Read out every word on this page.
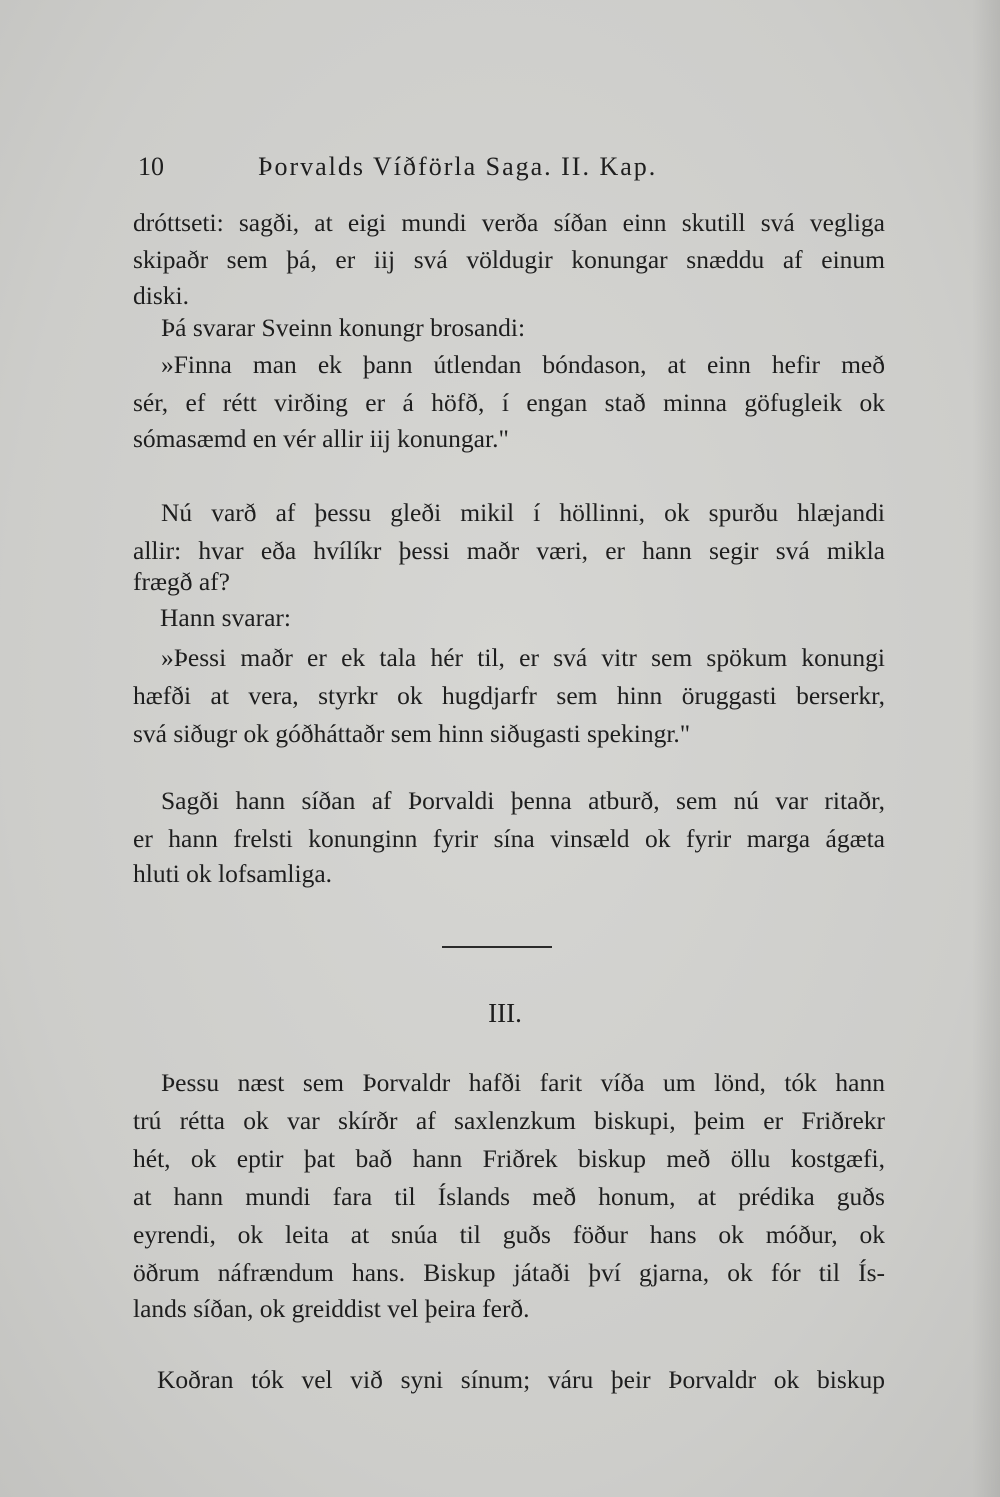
10	Þorvalds Víðförla Saga. II. Kap.
dróttseti: sagði, at eigi mundi verða síðan einn skutill svá vegliga
skipaðr sem þá, er iij svá völdugir konungar snæddu af einum
diski.
Þá svarar Sveinn konungr brosandi:
»Finna man ek þann útlendan bóndason, at einn hefir með
sér, ef rétt virðing er á höfð, í engan stað minna göfugleik ok
sómasæmd en vér allir iij konungar."
Nú varð af þessu gleði mikil í höllinni, ok spurðu hlæjandi
allir: hvar eða hvílíkr þessi maðr væri, er hann segir svá mikla
frægð af?
Hann svarar:
»Þessi maðr er ek tala hér til, er svá vitr sem spökum konungi
hæfði at vera, styrkr ok hugdjarfr sem hinn öruggasti berserkr,
svá siðugr ok góðháttaðr sem hinn siðugasti spekingr."
Sagði hann síðan af Þorvaldi þenna atburð, sem nú var ritaðr,
er hann frelsti konunginn fyrir sína vinsæld ok fyrir marga ágæta
hluti ok lofsamliga.
III.
Þessu næst sem Þorvaldr hafði farit víða um lönd, tók hann
trú rétta ok var skírðr af saxlenzkum biskupi, þeim er Friðrekr
hét, ok eptir þat bað hann Friðrek biskup með öllu kostgæfi,
at hann mundi fara til Íslands með honum, at prédika guðs
eyrendi, ok leita at snúa til guðs föður hans ok móður, ok
öðrum náfrændum hans. Biskup játaði því gjarna, ok fór til Ís-
lands síðan, ok greiddist vel þeira ferð.
Koðran tók vel við syni sínum; váru þeir Þorvaldr ok biskup
